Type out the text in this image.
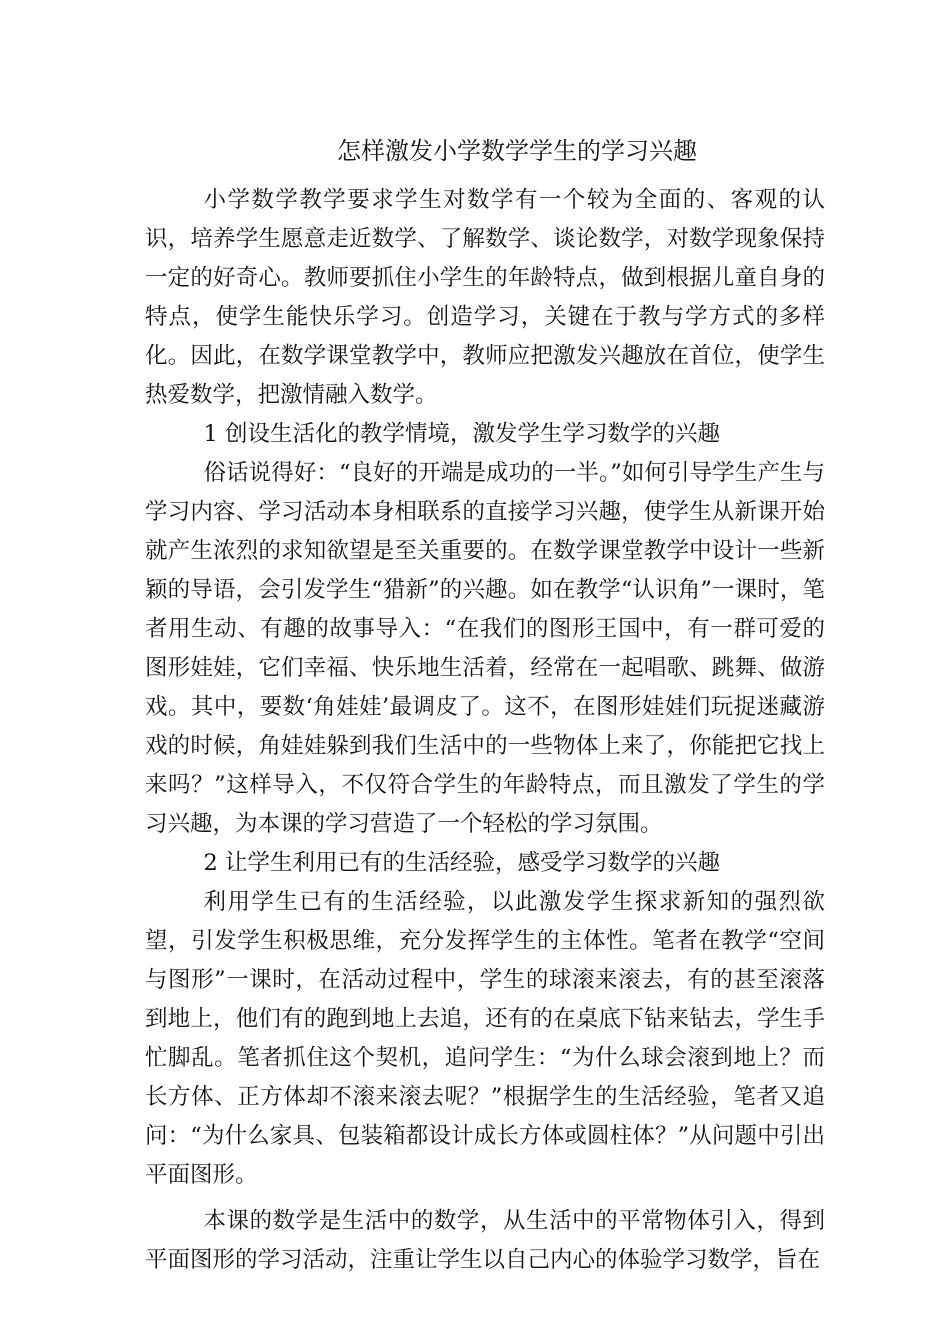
怎样激发小学数学学生的学习兴趣

小学数学教学要求学生对数学有一个较为全面的、客观的认识，培养学生愿意走近数学、了解数学、谈论数学，对数学现象保持一定的好奇心。教师要抓住小学生的年龄特点，做到根据儿童自身的特点，使学生能快乐学习。创造学习，关键在于教与学方式的多样化。因此，在数学课堂教学中，教师应把激发兴趣放在首位，使学生热爱数学，把激情融入数学。

1 创设生活化的教学情境，激发学生学习数学的兴趣

俗话说得好：“良好的开端是成功的一半。”如何引导学生产生与学习内容、学习活动本身相联系的直接学习兴趣，使学生从新课开始就产生浓烈的求知欲望是至关重要的。在数学课堂教学中设计一些新颖的导语，会引发学生“猎新”的兴趣。如在教学“认识角”一课时，笔者用生动、有趣的故事导入：“在我们的图形王国中，有一群可爱的图形娃娃，它们幸福、快乐地生活着，经常在一起唱歌、跳舞、做游戏。其中，要数‘角娃娃’最调皮了。这不，在图形娃娃们玩捉迷藏游戏的时候，角娃娃躲到我们生活中的一些物体上来了，你能把它找上来吗？”这样导入，不仅符合学生的年龄特点，而且激发了学生的学习兴趣，为本课的学习营造了一个轻松的学习氛围。

2 让学生利用已有的生活经验，感受学习数学的兴趣

利用学生已有的生活经验，以此激发学生探求新知的强烈欲望，引发学生积极思维，充分发挥学生的主体性。笔者在教学“空间与图形”一课时，在活动过程中，学生的球滚来滚去，有的甚至滚落到地上，他们有的跑到地上去追，还有的在桌底下钻来钻去，学生手忙脚乱。笔者抓住这个契机，追问学生：“为什么球会滚到地上？而长方体、正方体却不滚来滚去呢？”根据学生的生活经验，笔者又追问：“为什么家具、包装箱都设计成长方体或圆柱体？”从问题中引出平面图形。

本课的数学是生活中的数学，从生活中的平常物体引入，得到平面图形的学习活动，注重让学生以自己内心的体验学习数学，旨在
